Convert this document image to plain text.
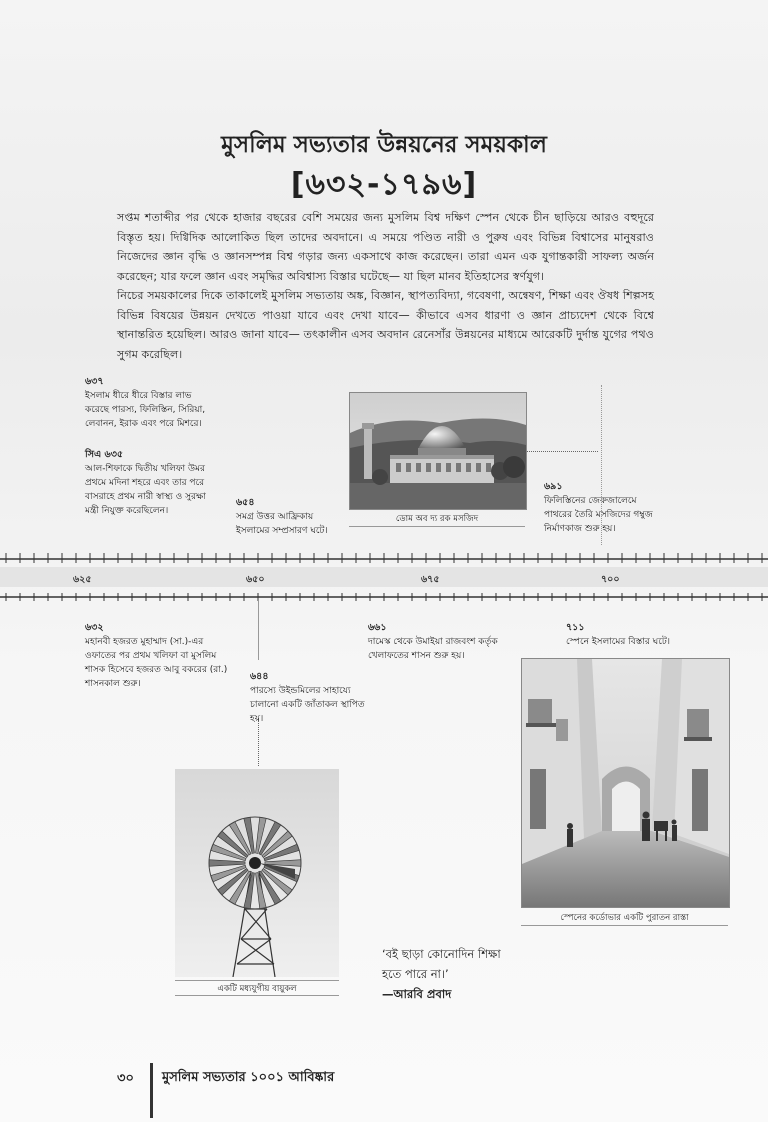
মুসলিম সভ্যতার উন্নয়নের সময়কাল
[৬৩২-১৭৯৬]

সপ্তম শতাব্দীর পর থেকে হাজার বছরের বেশি সময়ের জন্য মুসলিম বিশ্ব দক্ষিণ স্পেন থেকে চীন ছাড়িয়ে আরও বহুদূরে বিস্তৃত হয়। দিগ্বিদিক আলোকিত ছিল তাদের অবদানে। এ সময়ে পণ্ডিত নারী ও পুরুষ এবং বিভিন্ন বিশ্বাসের মানুষরাও নিজেদের জ্ঞান বৃদ্ধি ও জ্ঞানসম্পন্ন বিশ্ব গড়ার জন্য একসাথে কাজ করেছেন। তারা এমন এক যুগান্তকারী সাফল্য অর্জন করেছেন; যার ফলে জ্ঞান এবং সমৃদ্ধির অবিশ্বাস্য বিস্তার ঘটেছে— যা ছিল মানব ইতিহাসের স্বর্ণযুগ।

নিচের সময়কালের দিকে তাকালেই মুসলিম সভ্যতায় অঙ্ক, বিজ্ঞান, স্থাপত্যবিদ্যা, গবেষণা, অন্বেষণ, শিক্ষা এবং ঔষধ শিল্পসহ বিভিন্ন বিষয়ের উন্নয়ন দেখতে পাওয়া যাবে এবং দেখা যাবে— কীভাবে এসব ধারণা ও জ্ঞান প্রাচ্যদেশ থেকে বিশ্বে স্থানান্তরিত হয়েছিল। আরও জানা যাবে— তৎকালীন এসব অবদান রেনেসাঁর উন্নয়নের মাধ্যমে আরেকটি দুর্দান্ত যুগের পথও সুগম করেছিল।

৬৩৭
ইসলাম ধীরে ধীরে বিস্তার লাভ করেছে পারস্য, ফিলিস্তিন, সিরিয়া, লেবানন, ইরাক এবং পরে মিশরে।
সিএ ৬৩৫
আল-শিফাকে দ্বিতীয় খলিফা উমর প্রথমে মদিনা শহরে এবং তার পরে বাসরাহে প্রথম নারী স্বাস্থ্য ও সুরক্ষা মন্ত্রী নিযুক্ত করেছিলেন।
৬৫৪
সমগ্র উত্তর আফ্রিকায় ইসলামের সম্প্রসারণ ঘটে।
৬৯১
ফিলিস্তিনের জেরুজালেমে পাথরের তৈরি মসজিদের গম্বুজ নির্মাণকাজ শুরু হয়।
ডোম অব দ্য রক মসজিদ
৬২৫	৬৫০	৬৭৫	৭০০
৬৩২
মহানবী হজরত মুহাম্মাদ (সা.)-এর ওফাতের পর প্রথম খলিফা বা মুসলিম শাসক হিসেবে হজরত আবু বকরের (রা.) শাসনকাল শুরু।
৬৪৪
পারস্যে উইন্ডমিলের সাহায্যে চালানো একটি জাঁতাকল স্থাপিত হয়।
৬৬১
দামেস্ক থেকে উমাইয়া রাজবংশ কর্তৃক খেলাফতের শাসন শুরু হয়।
৭১১
স্পেনে ইসলামের বিস্তার ঘটে।
একটি মধ্যযুগীয় বায়ুকল
স্পেনের কর্ডোভার একটি পুরাতন রাস্তা
‘বই ছাড়া কোনোদিন শিক্ষা
হতে পারে না।’
—আরবি প্রবাদ
৩০ মুসলিম সভ্যতার ১০০১ আবিষ্কার
